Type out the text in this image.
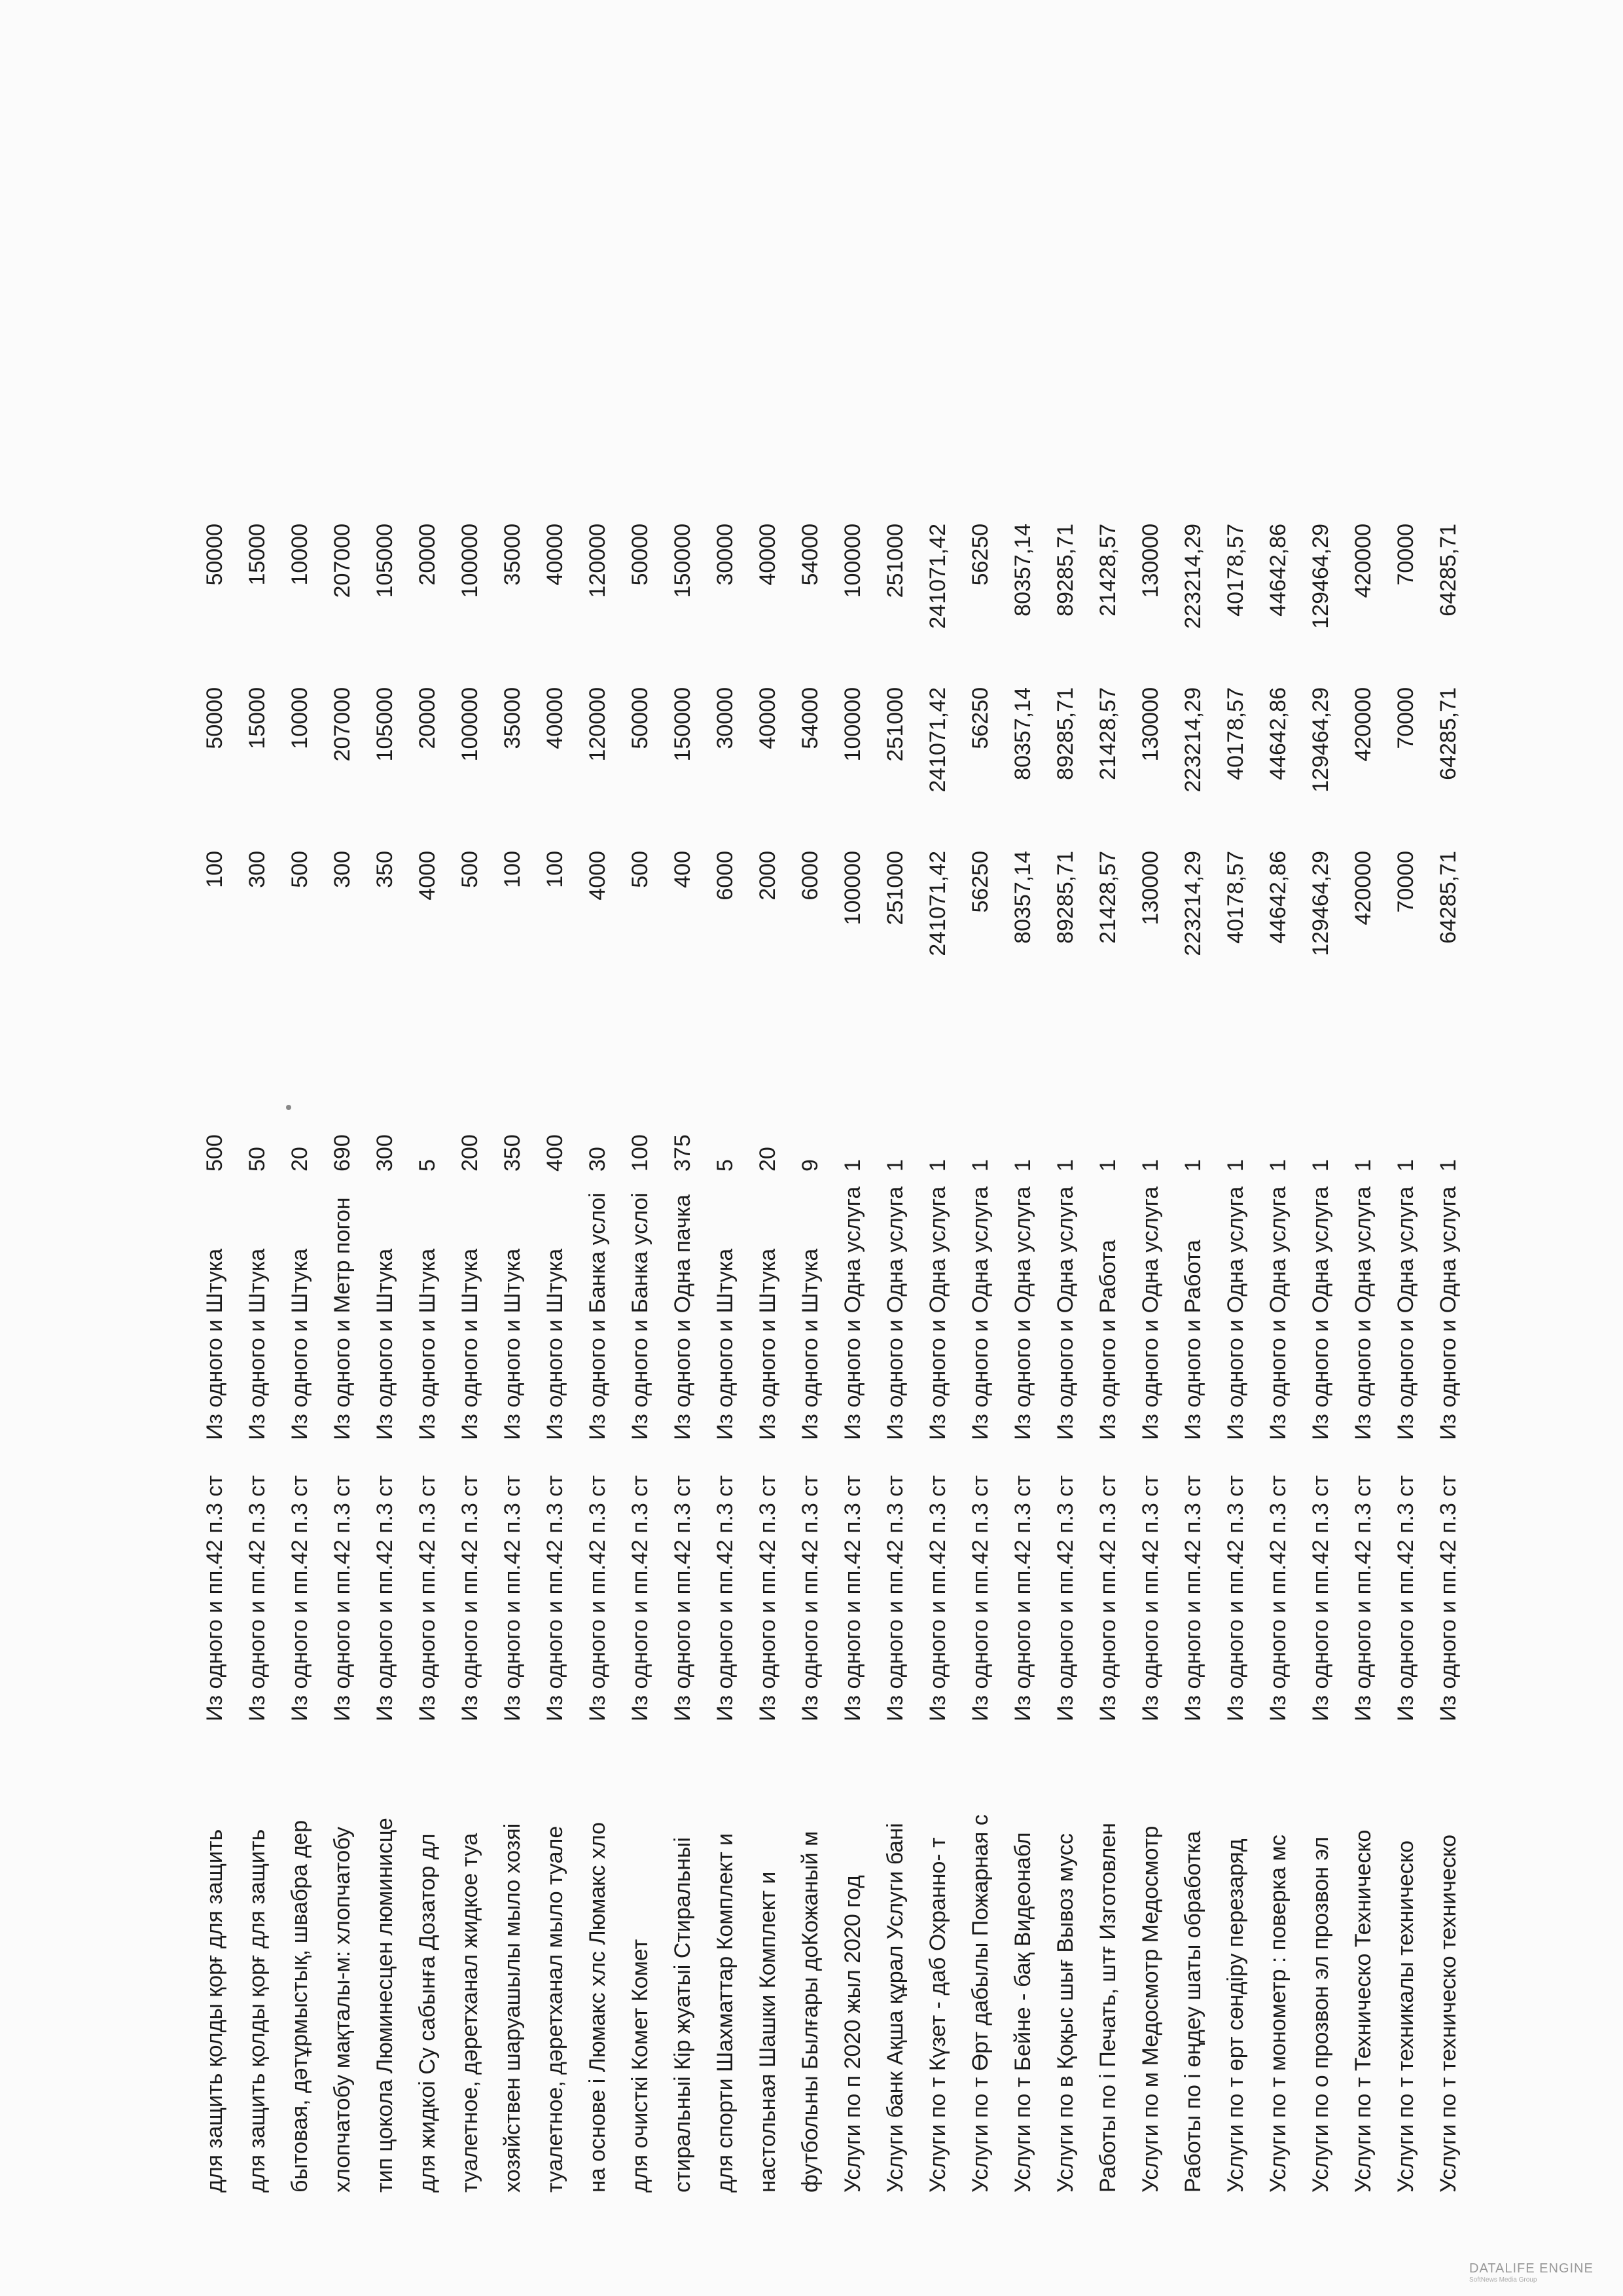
для защить қолды қорғ для защить
Из одного и пп.42 п.3 ст
Из одного и Штука
500
100
50000
50000
для защить қолды қорғ для защить
Из одного и пп.42 п.3 ст
Из одного и Штука
50
300
15000
15000
бытовая, дәтұрмыстық, швабра дер
Из одного и пп.42 п.3 ст
Из одного и Штука
20
500
10000
10000
хлопчатобу мақталы-м: хлопчатобу
Из одного и пп.42 п.3 ст
Из одного и Метр погон
690
300
207000
207000
тип цокола Люминесцен люминисце
Из одного и пп.42 п.3 ст
Из одного и Штука
300
350
105000
105000
для жидкоі Су сабынға Дозатор дл
Из одного и пп.42 п.3 ст
Из одного и Штука
5
4000
20000
20000
туалетное, дәретханал жидкое туа
Из одного и пп.42 п.3 ст
Из одного и Штука
200
500
100000
100000
хозяйствен шаруашылы мыло хозяі
Из одного и пп.42 п.3 ст
Из одного и Штука
350
100
35000
35000
туалетное, дәретханал мыло туале
Из одного и пп.42 п.3 ст
Из одного и Штука
400
100
40000
40000
на основе і Люмакс хлс Люмакс хло
Из одного и пп.42 п.3 ст
Из одного и Банка услоі
30
4000
120000
120000
для очисткі Комет Комет
Из одного и пп.42 п.3 ст
Из одного и Банка услоі
100
500
50000
50000
стиральныі Кір жуатыі Стиральныі
Из одного и пп.42 п.3 ст
Из одного и Одна пачка
375
400
150000
150000
для спорти Шахматтар Комплект и
Из одного и пп.42 п.3 ст
Из одного и Штука
5
6000
30000
30000
настольная Шашки Комплект и
Из одного и пп.42 п.3 ст
Из одного и Штука
20
2000
40000
40000
футбольны Былғары доКожаный м
Из одного и пп.42 п.3 ст
Из одного и Штука
9
6000
54000
54000
Услуги по п 2020 жыл 2020 год
Из одного и пп.42 п.3 ст
Из одного и Одна услуга
1
100000
100000
100000
Услуги банк Ақша құрал Услуги бані
Из одного и пп.42 п.3 ст
Из одного и Одна услуга
1
251000
251000
251000
Услуги по т Күзет - даб Охранно- т
Из одного и пп.42 п.3 ст
Из одного и Одна услуга
1
241071,42
241071,42
241071,42
Услуги по т Өрт дабылы Пожарная с
Из одного и пп.42 п.3 ст
Из одного и Одна услуга
1
56250
56250
56250
Услуги по т Бейне - бақ Видеонабл
Из одного и пп.42 п.3 ст
Из одного и Одна услуга
1
80357,14
80357,14
80357,14
Услуги по в Қоқыс шығ Вывоз мусс
Из одного и пп.42 п.3 ст
Из одного и Одна услуга
1
89285,71
89285,71
89285,71
Работы по і Печать, штғ Изготовлен
Из одного и пп.42 п.3 ст
Из одного и Работа
1
21428,57
21428,57
21428,57
Услуги по м Медосмотр Медосмотр
Из одного и пп.42 п.3 ст
Из одного и Одна услуга
1
130000
130000
130000
Работы по і өңдеу шаты обработка
Из одного и пп.42 п.3 ст
Из одного и Работа
1
223214,29
223214,29
223214,29
Услуги по т өрт сөндіру перезаряд
Из одного и пп.42 п.3 ст
Из одного и Одна услуга
1
40178,57
40178,57
40178,57
Услуги по т монометр : поверка мс
Из одного и пп.42 п.3 ст
Из одного и Одна услуга
1
44642,86
44642,86
44642,86
Услуги по о прозвон эл прозвон эл
Из одного и пп.42 п.3 ст
Из одного и Одна услуга
1
129464,29
129464,29
129464,29
Услуги по т Техническо Техническо
Из одного и пп.42 п.3 ст
Из одного и Одна услуга
1
420000
420000
420000
Услуги по т техникалы техническо
Из одного и пп.42 п.3 ст
Из одного и Одна услуга
1
70000
70000
70000
Услуги по т техническо техническо
Из одного и пп.42 п.3 ст
Из одного и Одна услуга
1
64285,71
64285,71
64285,71
DATALIFE ENGINE
SoftNews Media Group
